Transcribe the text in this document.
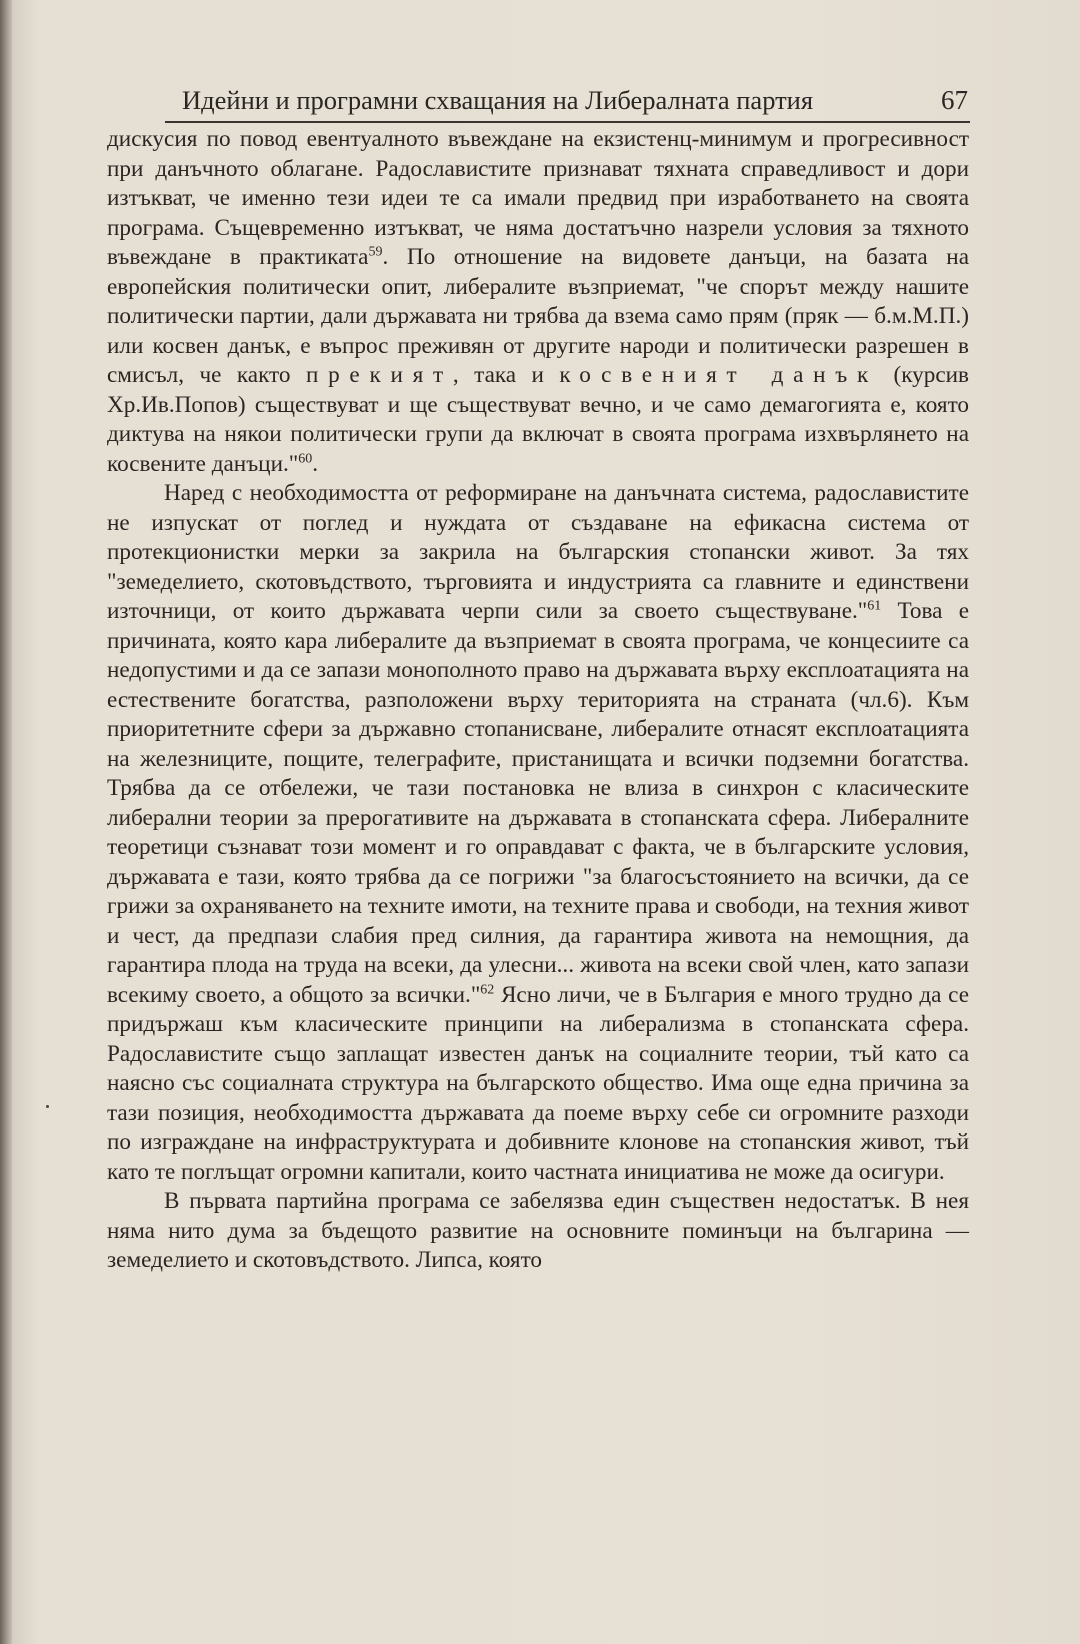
Идейни и програмни схващания на Либералната партия	67

дискусия по повод евентуалното въвеждане на екзистенц-минимум и прогресивност при данъчното облагане. Радославистите признават тяхната справедливост и дори изтъкват, че именно тези идеи те са имали предвид при изработването на своята програма. Същевременно изтъкват, че няма достатъчно назрели условия за тяхното въвеждане в практиката$^{59}$. По отношение на видовете данъци, на базата на европейския политически опит, либералите възприемат, "че спорът между нашите политически партии, дали държавата ни трябва да взема само прям (пряк — б.м.М.П.) или косвен данък, е въпрос преживян от другите народи и политически разрешен в смисъл, че както прекият, така и косвеният данък (курсив Хр.Ив.Попов) съществуват и ще съществуват вечно, и че само демагогията е, която диктува на някои политически групи да включат в своята програма изхвърлянето на косвените данъци."$^{60}$.

Наред с необходимостта от реформиране на данъчната система, радославистите не изпускат от поглед и нуждата от създаване на ефикасна система от протекционистки мерки за закрила на българския стопански живот. За тях "земеделието, скотовъдството, търговията и индустрията са главните и единствени източници, от които държавата черпи сили за своето съществуване."$^{61}$ Това е причината, която кара либералите да възприемат в своята програма, че концесиите са недопустими и да се запази монополното право на държавата върху експлоатацията на естествените богатства, разположени върху територията на страната (чл.6). Към приоритетните сфери за държавно стопанисване, либералите отнасят експлоатацията на железниците, пощите, телеграфите, пристанищата и всички подземни богатства. Трябва да се отбележи, че тази постановка не влиза в синхрон с класическите либерални теории за прерогативите на държавата в стопанската сфера. Либералните теоретици съзнават този момент и го оправдават с факта, че в българските условия, държавата е тази, която трябва да се погрижи "за благосъстоянието на всички, да се грижи за охраняването на техните имоти, на техните права и свободи, на техния живот и чест, да предпази слабия пред силния, да гарантира живота на немощния, да гарантира плода на труда на всеки, да улесни... живота на всеки свой член, като запази всекиму своето, а общото за всички."$^{62}$ Ясно личи, че в България е много трудно да се придържаш към класическите принципи на либерализма в стопанската сфера. Радославистите също заплащат известен данък на социалните теории, тъй като са наясно със социалната структура на българското общество. Има още една причина за тази позиция, необходимостта държавата да поеме върху себе си огромните разходи по изграждане на инфраструктурата и добивните клонове на стопанския живот, тъй като те поглъщат огромни капитали, които частната инициатива не може да осигури.

В първата партийна програма се забелязва един съществен недостатък. В нея няма нито дума за бъдещото развитие на основните поминъци на българина — земеделието и скотовъдството. Липса, която
